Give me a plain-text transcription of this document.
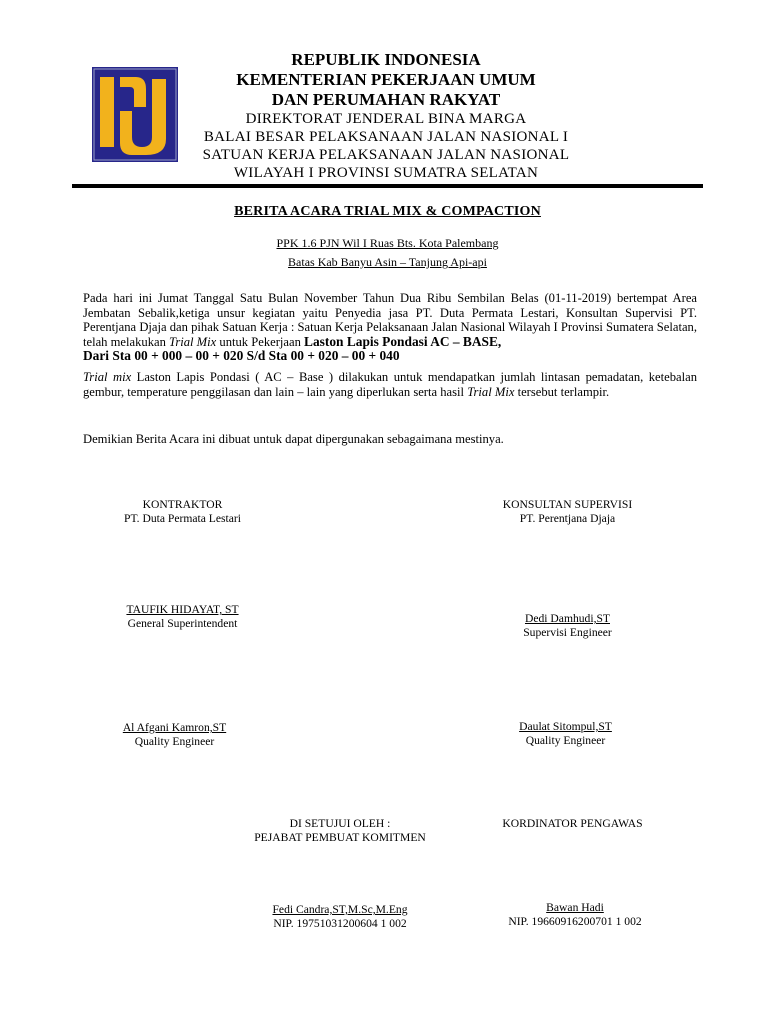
REPUBLIK INDONESIA
KEMENTERIAN PEKERJAAN UMUM
DAN PERUMAHAN RAKYAT
DIREKTORAT JENDERAL BINA MARGA
BALAI BESAR PELAKSANAAN JALAN NASIONAL I
SATUAN KERJA PELAKSANAAN JALAN NASIONAL
WILAYAH I PROVINSI SUMATRA SELATAN
BERITA ACARA TRIAL MIX & COMPACTION
PPK 1.6 PJN Wil I Ruas Bts. Kota Palembang
Batas Kab Banyu Asin – Tanjung Api-api
Pada hari ini Jumat Tanggal Satu Bulan November Tahun Dua Ribu Sembilan Belas (01-11-2019) bertempat Area Jembatan Sebalik,ketiga unsur kegiatan yaitu Penyedia jasa PT. Duta Permata Lestari, Konsultan Supervisi PT. Perentjana Djaja dan pihak Satuan Kerja : Satuan Kerja Pelaksanaan Jalan Nasional Wilayah I Provinsi Sumatera Selatan, telah melakukan Trial Mix untuk Pekerjaan Laston Lapis Pondasi AC – BASE,
Dari Sta 00 + 000 – 00 + 020 S/d Sta 00 + 020 – 00 + 040
Trial mix Laston Lapis Pondasi ( AC – Base ) dilakukan untuk mendapatkan jumlah lintasan pemadatan, ketebalan gembur, temperature penggilasan dan lain – lain yang diperlukan serta hasil Trial Mix tersebut terlampir.
Demikian Berita Acara ini dibuat untuk dapat dipergunakan sebagaimana mestinya.
KONTRAKTOR
PT. Duta Permata Lestari
KONSULTAN SUPERVISI
PT. Perentjana Djaja
TAUFIK HIDAYAT, ST
General Superintendent	Dedi Damhudi,ST
Supervisi Engineer
Al Afgani Kamron,ST
Quality Engineer
Daulat Sitompul,ST
Quality Engineer
DI SETUJUI OLEH :
PEJABAT PEMBUAT KOMITMEN
KORDINATOR PENGAWAS
Fedi Candra,ST,M.Sc,M.Eng
NIP. 19751031200604 1 002
Bawan Hadi
NIP. 19660916200701 1 002
